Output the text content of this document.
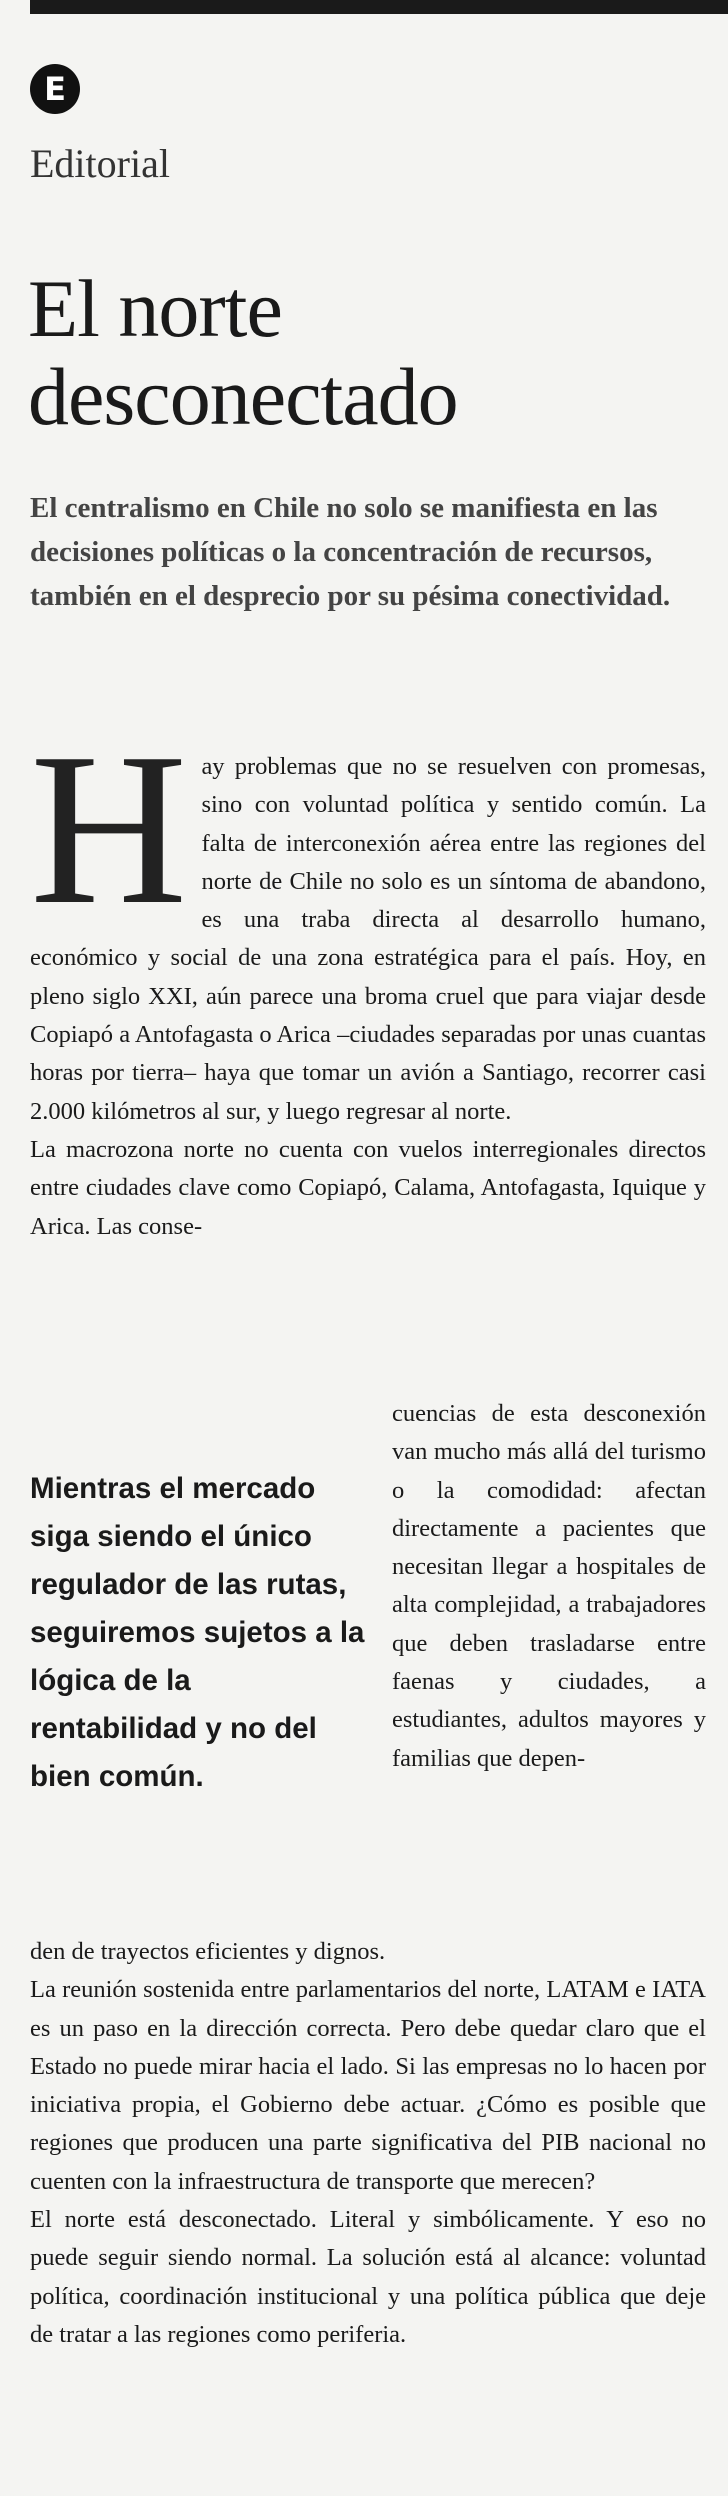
E
Editorial
El norte desconectado

El centralismo en Chile no solo se manifiesta en las decisiones políticas o la concentración de recursos, también en el desprecio por su pésima conectividad.

H ay problemas que no se resuelven con promesas, sino con voluntad política y sentido común. La falta de interconexión aérea entre las regiones del norte de Chile no solo es un síntoma de abandono, es una traba directa al desarrollo humano, económico y social de una zona estratégica para el país. Hoy, en pleno siglo XXI, aún parece una broma cruel que para viajar desde Copiapó a Antofagasta o Arica –ciudades separadas por unas cuantas horas por tierra– haya que tomar un avión a Santiago, recorrer casi 2.000 kilómetros al sur, y luego regresar al norte.

La macrozona norte no cuenta con vuelos interregionales directos entre ciudades clave como Copiapó, Calama, Antofagasta, Iquique y Arica. Las conse-

Mientras el mercado siga siendo el único regulador de las rutas, seguiremos sujetos a la lógica de la rentabilidad y no del bien común.

cuencias de esta desconexión van mucho más allá del turismo o la comodidad: afectan directamente a pacientes que necesitan llegar a hospitales de alta complejidad, a trabajadores que deben trasladarse entre faenas y ciudades, a estudiantes, adultos mayores y familias que depen-

den de trayectos eficientes y dignos.

La reunión sostenida entre parlamentarios del norte, LATAM e IATA es un paso en la dirección correcta. Pero debe quedar claro que el Estado no puede mirar hacia el lado. Si las empresas no lo hacen por iniciativa propia, el Gobierno debe actuar. ¿Cómo es posible que regiones que producen una parte significativa del PIB nacional no cuenten con la infraestructura de transporte que merecen?

El norte está desconectado. Literal y simbólicamente. Y eso no puede seguir siendo normal. La solución está al alcance: voluntad política, coordinación institucional y una política pública que deje de tratar a las regiones como periferia.
